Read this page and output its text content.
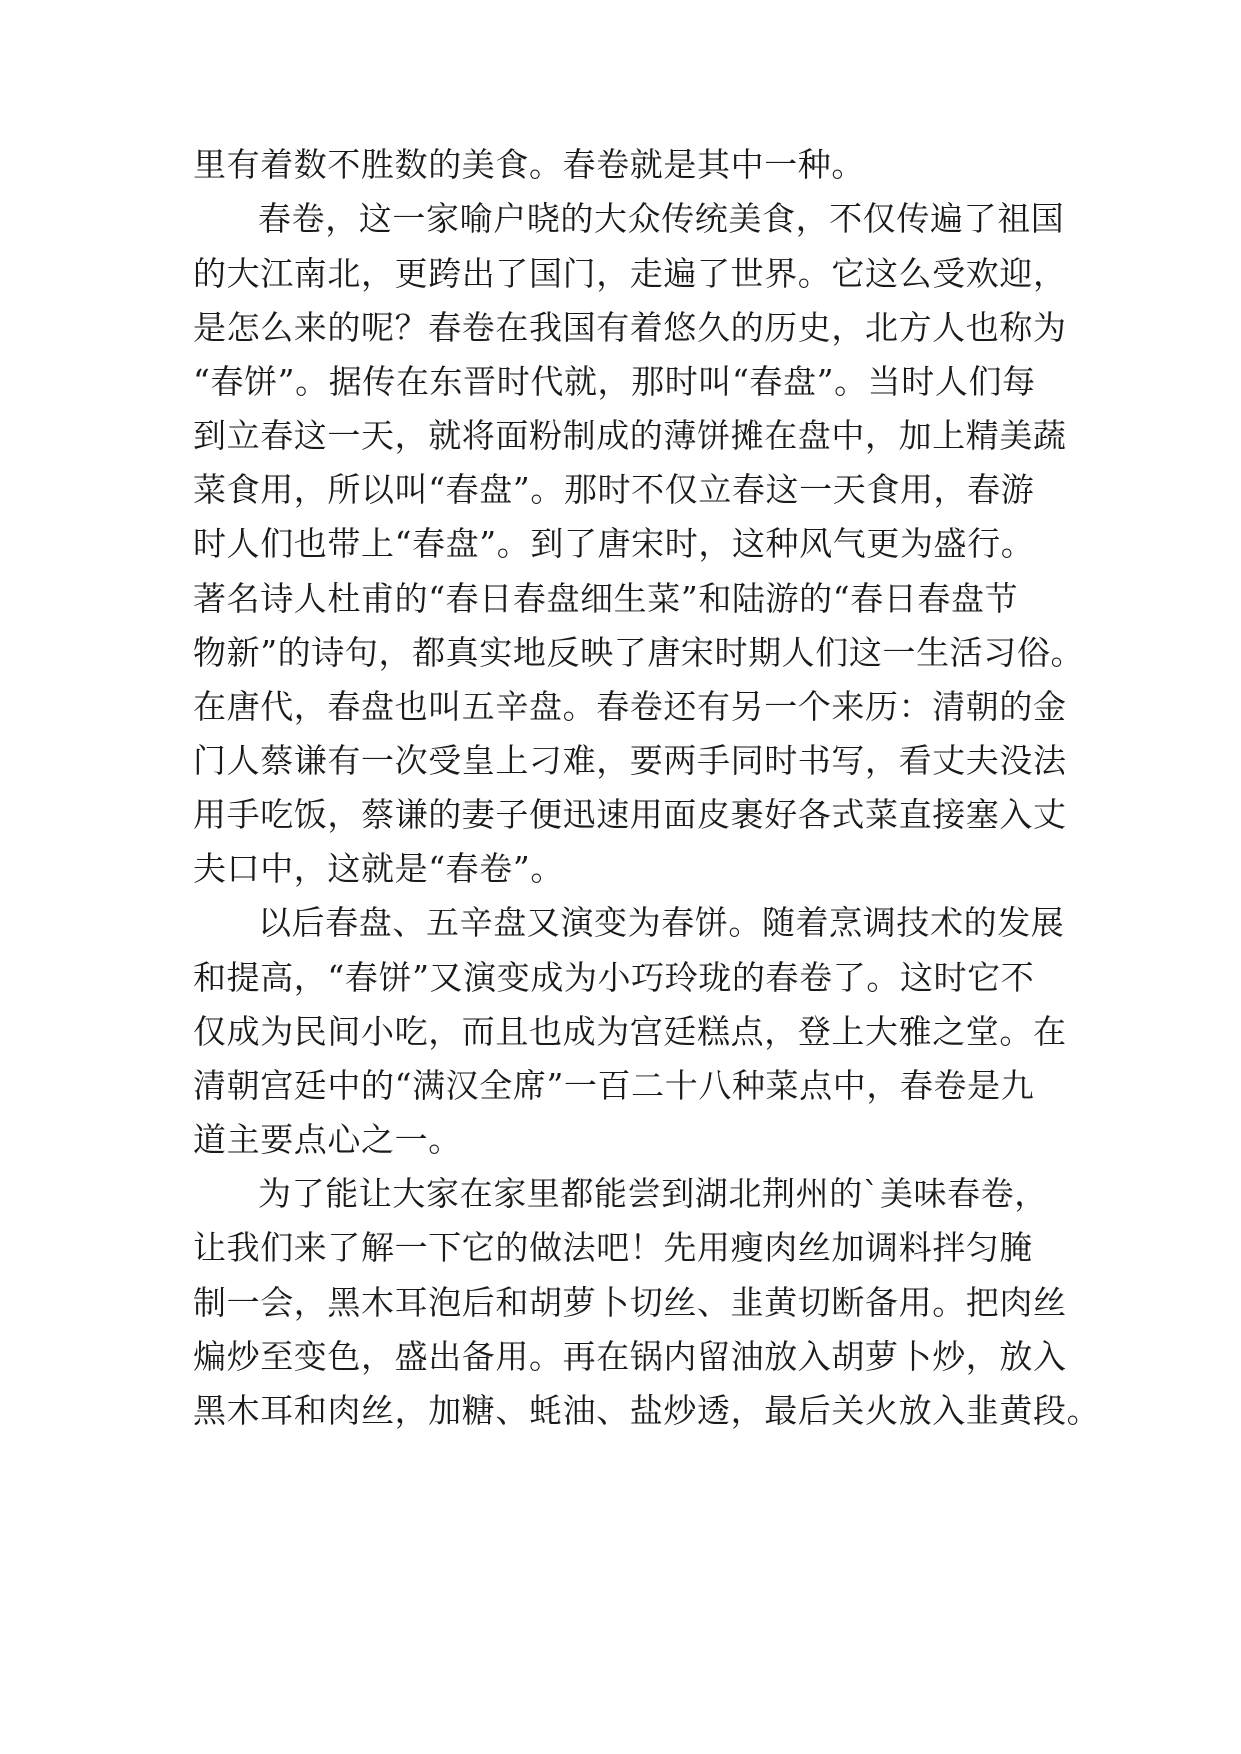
里有着数不胜数的美食。春卷就是其中一种。

春卷，这一家喻户晓的大众传统美食，不仅传遍了祖国

的大江南北，更跨出了国门，走遍了世界。它这么受欢迎，

是怎么来的呢？春卷在我国有着悠久的历史，北方人也称为

“春饼”。据传在东晋时代就，那时叫“春盘”。当时人们每

到立春这一天，就将面粉制成的薄饼摊在盘中，加上精美蔬

菜食用，所以叫“春盘”。那时不仅立春这一天食用，春游

时人们也带上“春盘”。到了唐宋时，这种风气更为盛行。

著名诗人杜甫的“春日春盘细生菜”和陆游的“春日春盘节

物新”的诗句，都真实地反映了唐宋时期人们这一生活习俗。

在唐代，春盘也叫五辛盘。春卷还有另一个来历：清朝的金

门人蔡谦有一次受皇上刁难，要两手同时书写，看丈夫没法

用手吃饭，蔡谦的妻子便迅速用面皮裹好各式菜直接塞入丈

夫口中，这就是“春卷”。

以后春盘、五辛盘又演变为春饼。随着烹调技术的发展

和提高，“春饼”又演变成为小巧玲珑的春卷了。这时它不

仅成为民间小吃，而且也成为宫廷糕点，登上大雅之堂。在

清朝宫廷中的“满汉全席”一百二十八种菜点中，春卷是九

道主要点心之一。

为了能让大家在家里都能尝到湖北荆州的`美味春卷，

让我们来了解一下它的做法吧！先用瘦肉丝加调料拌匀腌

制一会，黑木耳泡后和胡萝卜切丝、韭黄切断备用。把肉丝

煸炒至变色，盛出备用。再在锅内留油放入胡萝卜炒，放入

黑木耳和肉丝，加糖、蚝油、盐炒透，最后关火放入韭黄段。
